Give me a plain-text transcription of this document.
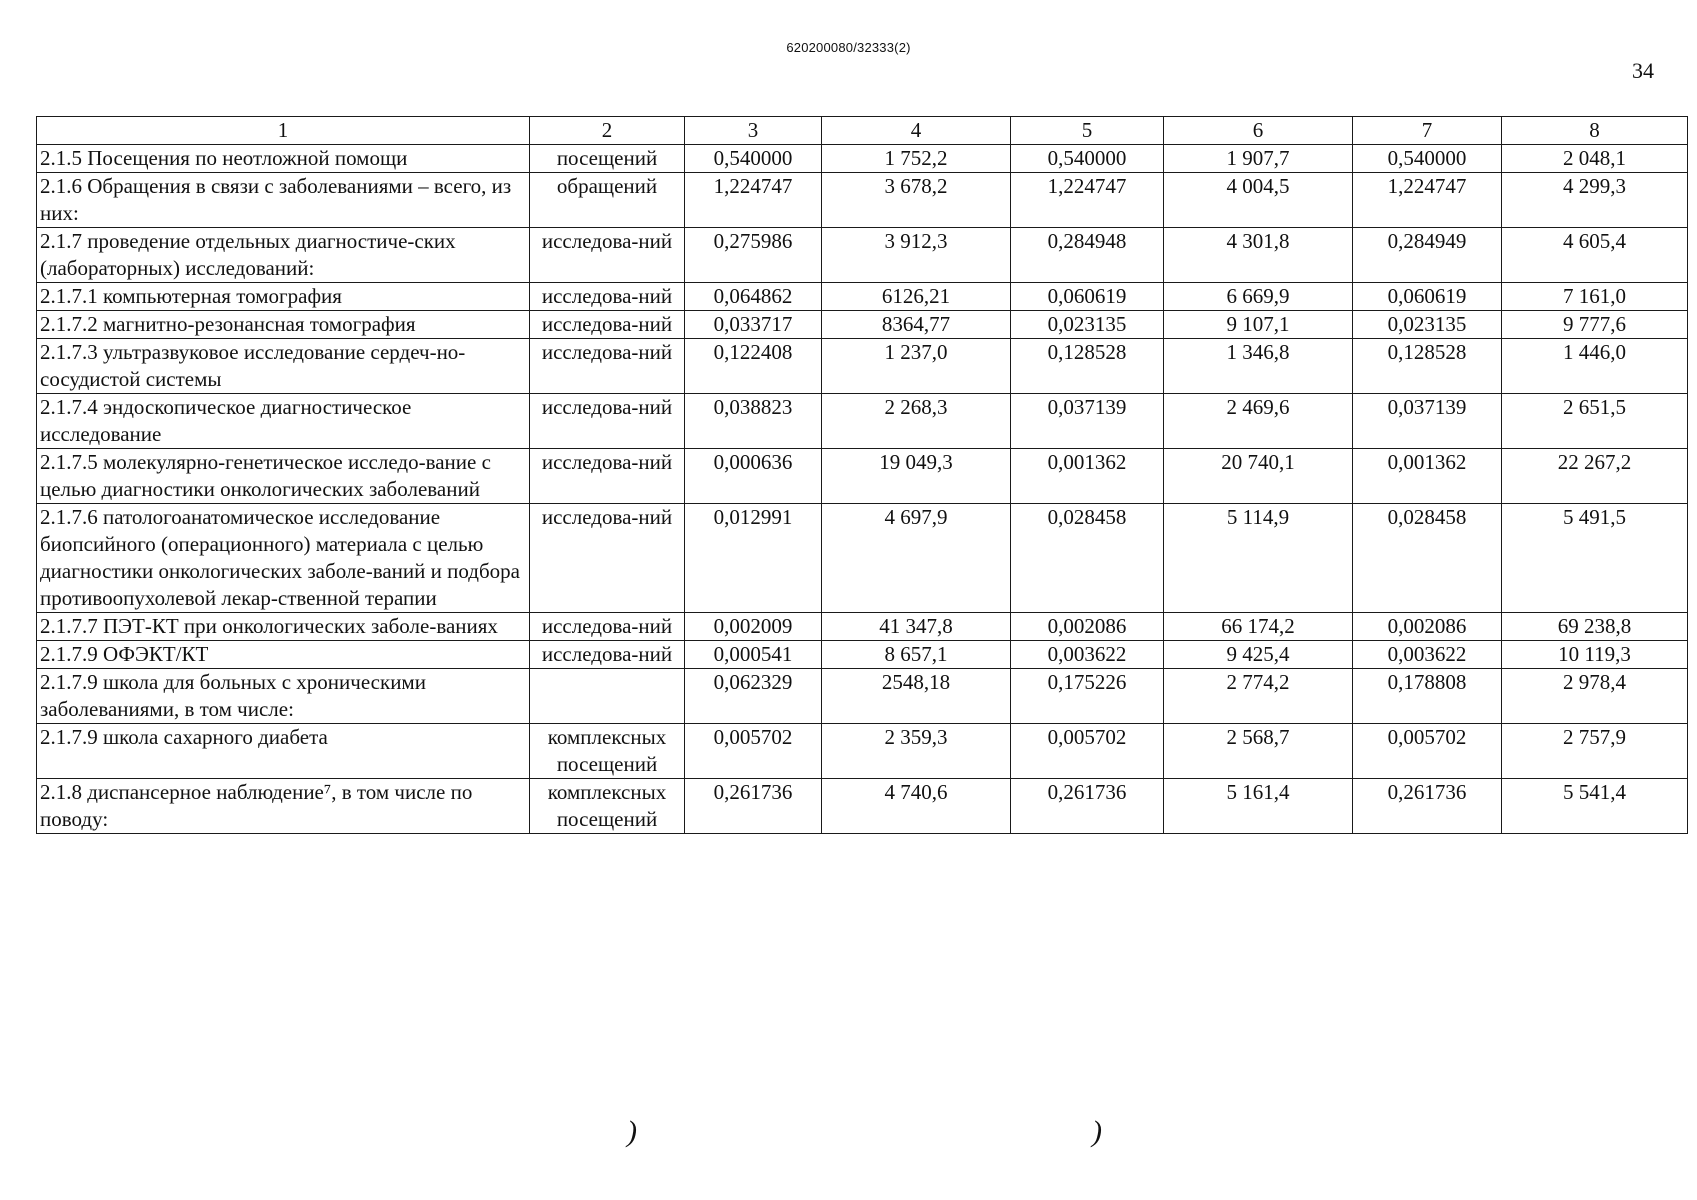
620200080/32333(2)
34
1	2	3	4	5	6	7	8
2.1.5 Посещения по неотложной помощи	посещений	0,540000	1 752,2	0,540000	1 907,7	0,540000	2 048,1
2.1.6 Обращения в связи с заболеваниями – всего, из них:	обращений	1,224747	3 678,2	1,224747	4 004,5	1,224747	4 299,3
2.1.7 проведение отдельных диагностиче-ских (лабораторных) исследований:	исследова-ний	0,275986	3 912,3	0,284948	4 301,8	0,284949	4 605,4
2.1.7.1 компьютерная томография	исследова-ний	0,064862	6126,21	0,060619	6 669,9	0,060619	7 161,0
2.1.7.2 магнитно-резонансная томография	исследова-ний	0,033717	8364,77	0,023135	9 107,1	0,023135	9 777,6
2.1.7.3 ультразвуковое исследование сердеч-но-сосудистой системы	исследова-ний	0,122408	1 237,0	0,128528	1 346,8	0,128528	1 446,0
2.1.7.4 эндоскопическое диагностическое исследование	исследова-ний	0,038823	2 268,3	0,037139	2 469,6	0,037139	2 651,5
2.1.7.5 молекулярно-генетическое исследо-вание с целью диагностики онкологических заболеваний	исследова-ний	0,000636	19 049,3	0,001362	20 740,1	0,001362	22 267,2
2.1.7.6 патологоанатомическое исследование биопсийного (операционного) материала с целью диагностики онкологических заболе-ваний и подбора противоопухолевой лекар-ственной терапии	исследова-ний	0,012991	4 697,9	0,028458	5 114,9	0,028458	5 491,5
2.1.7.7 ПЭТ-КТ при онкологических заболе-ваниях	исследова-ний	0,002009	41 347,8	0,002086	66 174,2	0,002086	69 238,8
2.1.7.9 ОФЭКТ/КТ	исследова-ний	0,000541	8 657,1	0,003622	9 425,4	0,003622	10 119,3
2.1.7.9 школа для больных с хроническими заболеваниями, в том числе:		0,062329	2548,18	0,175226	2 774,2	0,178808	2 978,4
2.1.7.9 школа сахарного диабета	комплексных посещений	0,005702	2 359,3	0,005702	2 568,7	0,005702	2 757,9
2.1.8 диспансерное наблюдение⁷, в том числе по поводу:	комплексных посещений	0,261736	4 740,6	0,261736	5 161,4	0,261736	5 541,4
)	)
